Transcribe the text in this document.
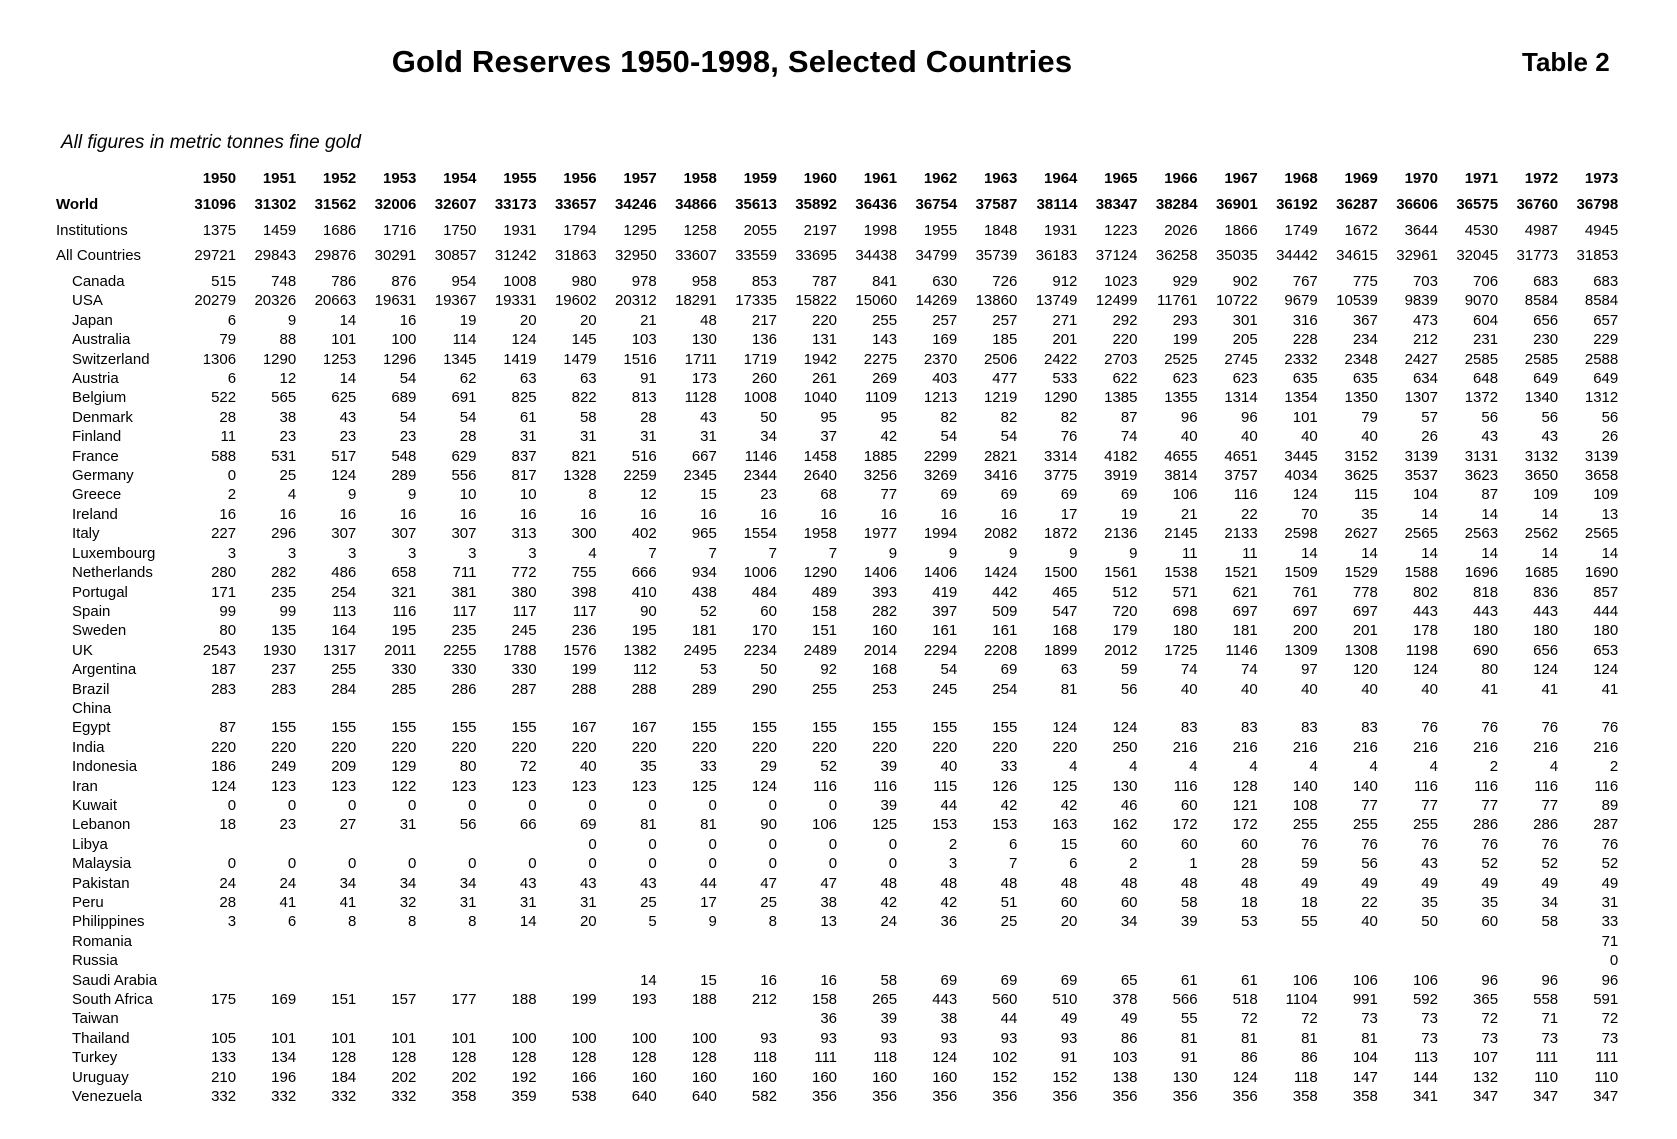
Gold Reserves 1950-1998, Selected Countries	Table 2
All figures in metric tonnes fine gold
	1950	1951	1952	1953	1954	1955	1956	1957	1958	1959	1960	1961	1962	1963	1964	1965	1966	1967	1968	1969	1970	1971	1972	1973
World	31096	31302	31562	32006	32607	33173	33657	34246	34866	35613	35892	36436	36754	37587	38114	38347	38284	36901	36192	36287	36606	36575	36760	36798
Institutions	1375	1459	1686	1716	1750	1931	1794	1295	1258	2055	2197	1998	1955	1848	1931	1223	2026	1866	1749	1672	3644	4530	4987	4945
All Countries	29721	29843	29876	30291	30857	31242	31863	32950	33607	33559	33695	34438	34799	35739	36183	37124	36258	35035	34442	34615	32961	32045	31773	31853
Canada	515	748	786	876	954	1008	980	978	958	853	787	841	630	726	912	1023	929	902	767	775	703	706	683	683
USA	20279	20326	20663	19631	19367	19331	19602	20312	18291	17335	15822	15060	14269	13860	13749	12499	11761	10722	9679	10539	9839	9070	8584	8584
Japan	6	9	14	16	19	20	20	21	48	217	220	255	257	257	271	292	293	301	316	367	473	604	656	657
Australia	79	88	101	100	114	124	145	103	130	136	131	143	169	185	201	220	199	205	228	234	212	231	230	229
Switzerland	1306	1290	1253	1296	1345	1419	1479	1516	1711	1719	1942	2275	2370	2506	2422	2703	2525	2745	2332	2348	2427	2585	2585	2588
Austria	6	12	14	54	62	63	63	91	173	260	261	269	403	477	533	622	623	623	635	635	634	648	649	649
Belgium	522	565	625	689	691	825	822	813	1128	1008	1040	1109	1213	1219	1290	1385	1355	1314	1354	1350	1307	1372	1340	1312
Denmark	28	38	43	54	54	61	58	28	43	50	95	95	82	82	82	87	96	96	101	79	57	56	56	56
Finland	11	23	23	23	28	31	31	31	31	34	37	42	54	54	76	74	40	40	40	40	26	43	43	26
France	588	531	517	548	629	837	821	516	667	1146	1458	1885	2299	2821	3314	4182	4655	4651	3445	3152	3139	3131	3132	3139
Germany	0	25	124	289	556	817	1328	2259	2345	2344	2640	3256	3269	3416	3775	3919	3814	3757	4034	3625	3537	3623	3650	3658
Greece	2	4	9	9	10	10	8	12	15	23	68	77	69	69	69	69	106	116	124	115	104	87	109	109
Ireland	16	16	16	16	16	16	16	16	16	16	16	16	16	16	17	19	21	22	70	35	14	14	14	13
Italy	227	296	307	307	307	313	300	402	965	1554	1958	1977	1994	2082	1872	2136	2145	2133	2598	2627	2565	2563	2562	2565
Luxembourg	3	3	3	3	3	3	4	7	7	7	7	9	9	9	9	9	11	11	14	14	14	14	14	14
Netherlands	280	282	486	658	711	772	755	666	934	1006	1290	1406	1406	1424	1500	1561	1538	1521	1509	1529	1588	1696	1685	1690
Portugal	171	235	254	321	381	380	398	410	438	484	489	393	419	442	465	512	571	621	761	778	802	818	836	857
Spain	99	99	113	116	117	117	117	90	52	60	158	282	397	509	547	720	698	697	697	697	443	443	443	444
Sweden	80	135	164	195	235	245	236	195	181	170	151	160	161	161	168	179	180	181	200	201	178	180	180	180
UK	2543	1930	1317	2011	2255	1788	1576	1382	2495	2234	2489	2014	2294	2208	1899	2012	1725	1146	1309	1308	1198	690	656	653
Argentina	187	237	255	330	330	330	199	112	53	50	92	168	54	69	63	59	74	74	97	120	124	80	124	124
Brazil	283	283	284	285	286	287	288	288	289	290	255	253	245	254	81	56	40	40	40	40	40	41	41	41
China																								
Egypt	87	155	155	155	155	155	167	167	155	155	155	155	155	155	124	124	83	83	83	83	76	76	76	76
India	220	220	220	220	220	220	220	220	220	220	220	220	220	220	220	250	216	216	216	216	216	216	216	216
Indonesia	186	249	209	129	80	72	40	35	33	29	52	39	40	33	4	4	4	4	4	4	4	2	4	2
Iran	124	123	123	122	123	123	123	123	125	124	116	116	115	126	125	130	116	128	140	140	116	116	116	116
Kuwait	0	0	0	0	0	0	0	0	0	0	0	39	44	42	42	46	60	121	108	77	77	77	77	89
Lebanon	18	23	27	31	56	66	69	81	81	90	106	125	153	153	163	162	172	172	255	255	255	286	286	287
Libya							0	0	0	0	0	0	2	6	15	60	60	60	76	76	76	76	76	76
Malaysia	0	0	0	0	0	0	0	0	0	0	0	0	3	7	6	2	1	28	59	56	43	52	52	52
Pakistan	24	24	34	34	34	43	43	43	44	47	47	48	48	48	48	48	48	48	49	49	49	49	49	49
Peru	28	41	41	32	31	31	31	25	17	25	38	42	42	51	60	60	58	18	18	22	35	35	34	31
Philippines	3	6	8	8	8	14	20	5	9	8	13	24	36	25	20	34	39	53	55	40	50	60	58	33
Romania																								71
Russia																								0
Saudi Arabia								14	15	16	16	58	69	69	69	65	61	61	106	106	106	96	96	96
South Africa	175	169	151	157	177	188	199	193	188	212	158	265	443	560	510	378	566	518	1104	991	592	365	558	591
Taiwan											36	39	38	44	49	49	55	72	72	73	73	72	71	72
Thailand	105	101	101	101	101	100	100	100	100	93	93	93	93	93	93	86	81	81	81	81	73	73	73	73
Turkey	133	134	128	128	128	128	128	128	128	118	111	118	124	102	91	103	91	86	86	104	113	107	111	111
Uruguay	210	196	184	202	202	192	166	160	160	160	160	160	160	152	152	138	130	124	118	147	144	132	110	110
Venezuela	332	332	332	332	358	359	538	640	640	582	356	356	356	356	356	356	356	356	358	358	341	347	347	347
